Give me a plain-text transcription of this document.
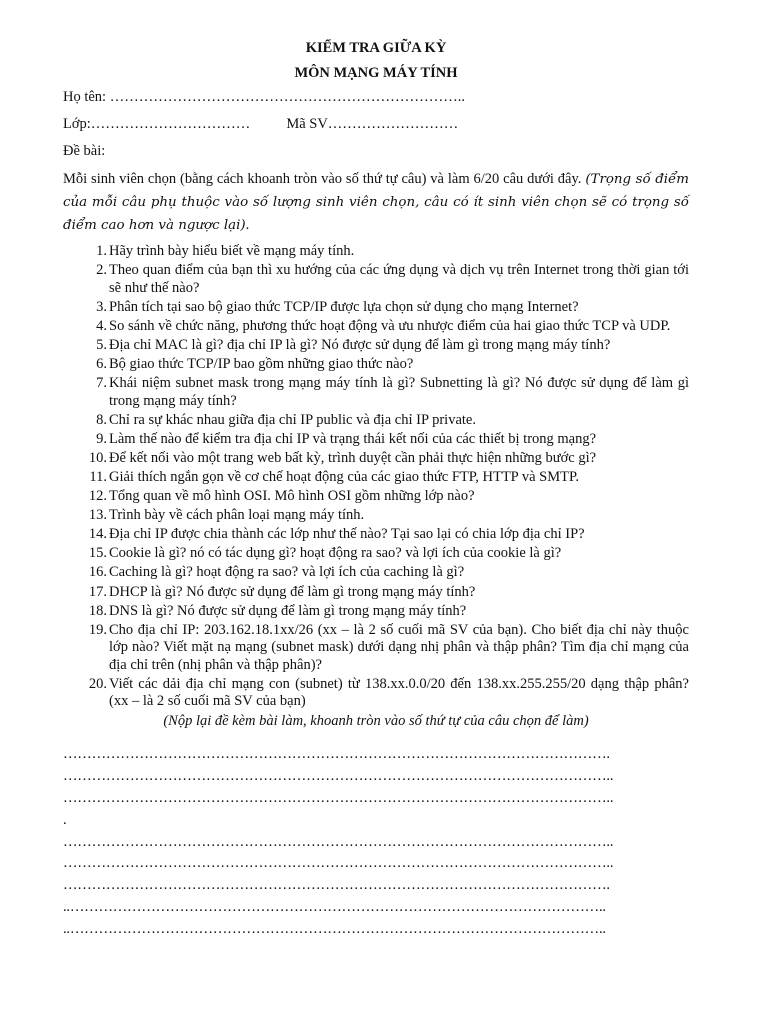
KIỂM TRA GIỮA KỲ
MÔN MẠNG MÁY TÍNH
Họ tên: ………………………………………………………………..
Lớp:…………………………… Mã SV………………………
Đề bài:
Mỗi sinh viên chọn (bằng cách khoanh tròn vào số thứ tự câu) và làm 6/20 câu dưới đây. (Trọng số điểm của mỗi câu phụ thuộc vào số lượng sinh viên chọn, câu có ít sinh viên chọn sẽ có trọng số điểm cao hơn và ngược lại).
1. Hãy trình bày hiểu biết về mạng máy tính.
2. Theo quan điểm của bạn thì xu hướng của các ứng dụng và dịch vụ trên Internet trong thời gian tới sẽ như thế nào?
3. Phân tích tại sao bộ giao thức TCP/IP được lựa chọn sử dụng cho mạng Internet?
4. So sánh về chức năng, phương thức hoạt động và ưu nhược điểm của hai giao thức TCP và UDP.
5. Địa chỉ MAC là gì? địa chỉ IP là gì? Nó được sử dụng để làm gì trong mạng máy tính?
6. Bộ giao thức TCP/IP bao gồm những giao thức nào?
7. Khái niệm subnet mask trong mạng máy tính là gì? Subnetting là gì? Nó được sử dụng để làm gì trong mạng máy tính?
8. Chỉ ra sự khác nhau giữa địa chỉ IP public và địa chỉ IP private.
9. Làm thế nào để kiểm tra địa chỉ IP và trạng thái kết nối của các thiết bị trong mạng?
10. Để kết nối vào một trang web bất kỳ, trình duyệt cần phải thực hiện những bước gì?
11. Giải thích ngắn gọn về cơ chế hoạt động của các giao thức FTP, HTTP và SMTP.
12. Tổng quan về mô hình OSI. Mô hình OSI gồm những lớp nào?
13. Trình bày về cách phân loại mạng máy tính.
14. Địa chỉ IP được chia thành các lớp như thế nào? Tại sao lại có chia lớp địa chỉ IP?
15. Cookie là gì? nó có tác dụng gì? hoạt động ra sao? và lợi ích của cookie là gì?
16. Caching là gì? hoạt động ra sao? và lợi ích của caching là gì?
17. DHCP là gì? Nó được sử dụng để làm gì trong mạng máy tính?
18. DNS là gì? Nó được sử dụng để làm gì trong mạng máy tính?
19. Cho địa chỉ IP: 203.162.18.1xx/26 (xx – là 2 số cuối mã SV của bạn). Cho biết địa chỉ này thuộc lớp nào? Viết mặt nạ mạng (subnet mask) dưới dạng nhị phân và thập phân? Tìm địa chỉ mạng của địa chỉ trên (nhị phân và thập phân)?
20. Viết các dải địa chỉ mạng con (subnet) từ 138.xx.0.0/20 đến 138.xx.255.255/20 dạng thập phân? (xx – là 2 số cuối mã SV của bạn)
(Nộp lại đề kèm bài làm, khoanh tròn vào số thứ tự của câu chọn để làm)
…………………………………………………………………………………………………….
……………………………………………………………………………………………………..
……………………………………………………………………………………………………..
.
……………………………………………………………………………………………………..
……………………………………………………………………………………………………..
…………………………………………………………………………………………………….
..…………………………………………………………………………………………………..
..…………………………………………………………………………………………………..
